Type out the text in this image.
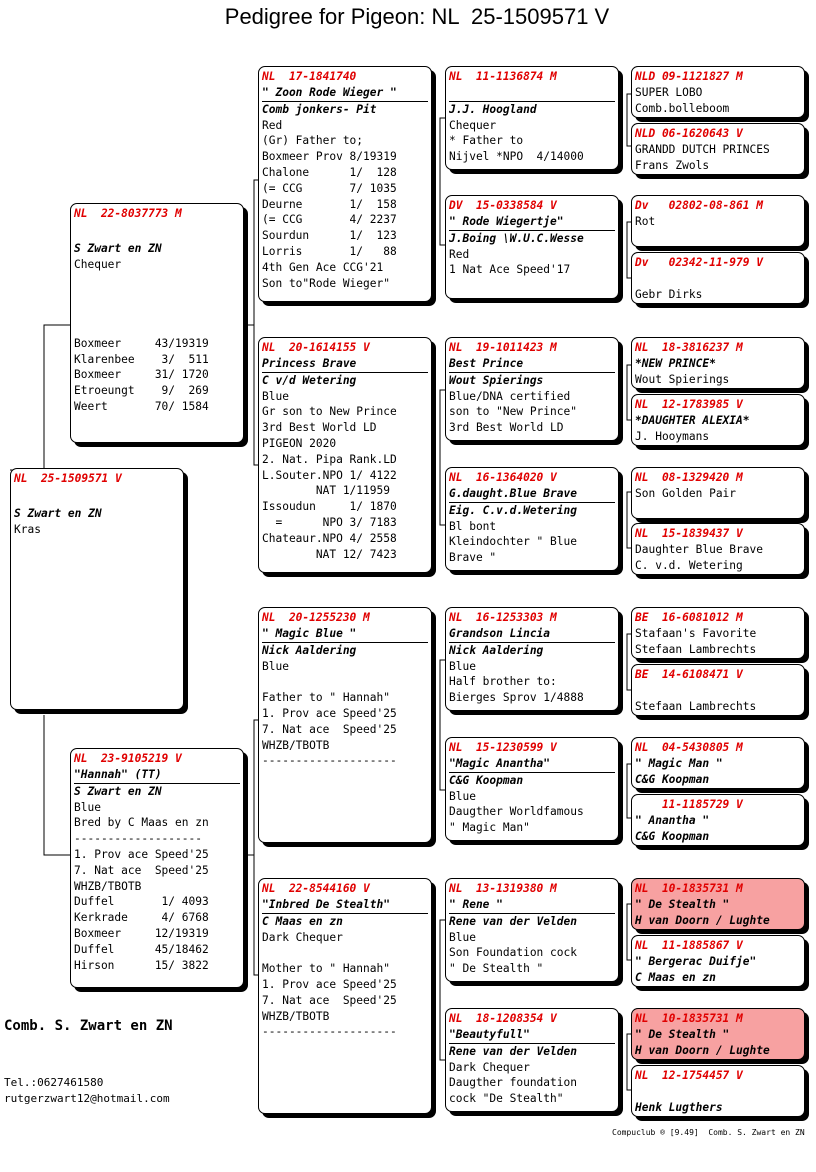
Pedigree for Pigeon: NL  25-1509571 V
NL  25-1509571 V
S Zwart en ZN
Kras
NL  22-8037773 M
S Zwart en ZN
Chequer
Boxmeer     43/19319
Klarenbee    3/  511
Boxmeer     31/ 1720
Etroeungt    9/  269
Weert       70/ 1584
NL  23-9105219 V
"Hannah" (TT)
S Zwart en ZN
Blue
Bred by C Maas en zn
-------------------
1. Prov ace Speed'25
7. Nat ace  Speed'25
WHZB/TBOTB
Duffel       1/ 4093
Kerkrade     4/ 6768
Boxmeer     12/19319
Duffel      45/18462
Hirson      15/ 3822
NL  17-1841740
" Zoon Rode Wieger "
Comb jonkers- Pit
Red
(Gr) Father to;
Boxmeer Prov 8/19319
Chalone      1/  128
(= CCG       7/ 1035
Deurne       1/  158
(= CCG       4/ 2237
Sourdun      1/  123
Lorris       1/   88
4th Gen Ace CCG'21
Son to"Rode Wieger"
NL  20-1614155 V
Princess Brave
C v/d Wetering
Blue
Gr son to New Prince
3rd Best World LD
PIGEON 2020
2. Nat. Pipa Rank.LD
L.Souter.NPO 1/ 4122
NAT 1/11959
Issoudun     1/ 1870
=      NPO 3/ 7183
Chateaur.NPO 4/ 2558
NAT 12/ 7423
NL  20-1255230 M
" Magic Blue "
Nick Aaldering
Blue
Father to " Hannah"
1. Prov ace Speed'25
7. Nat ace  Speed'25
WHZB/TBOTB
--------------------
NL  22-8544160 V
"Inbred De Stealth"
C Maas en zn
Dark Chequer
Mother to " Hannah"
1. Prov ace Speed'25
7. Nat ace  Speed'25
WHZB/TBOTB
--------------------
NL  11-1136874 M
J.J. Hoogland
Chequer
* Father to
Nijvel *NPO  4/14000
DV  15-0338584 V
" Rode Wiegertje"
J.Boing \W.U.C.Wesse
Red
1 Nat Ace Speed'17
NL  19-1011423 M
Best Prince
Wout Spierings
Blue/DNA certified
son to "New Prince"
3rd Best World LD
NL  16-1364020 V
G.daught.Blue Brave
Eig. C.v.d.Wetering
Bl bont
Kleindochter " Blue
Brave "
NL  16-1253303 M
Grandson Lincia
Nick Aaldering
Blue
Half brother to:
Bierges Sprov 1/4888
NL  15-1230599 V
"Magic Anantha"
C&G Koopman
Blue
Daugther Worldfamous
" Magic Man"
NL  13-1319380 M
" Rene "
Rene van der Velden
Blue
Son Foundation cock
" De Stealth "
NL  18-1208354 V
"Beautyfull"
Rene van der Velden
Dark Chequer
Daugther foundation
cock "De Stealth"
NLD 09-1121827 M
SUPER LOBO
Comb.bolleboom
NLD 06-1620643 V
GRANDD DUTCH PRINCES
Frans Zwols
Dv   02802-08-861 M
Rot
Dv   02342-11-979 V
Gebr Dirks
NL  18-3816237 M
*NEW PRINCE*
Wout Spierings
NL  12-1783985 V
*DAUGHTER ALEXIA*
J. Hooymans
NL  08-1329420 M
Son Golden Pair
NL  15-1839437 V
Daughter Blue Brave
C. v.d. Wetering
BE  16-6081012 M
Stafaan's Favorite
Stefaan Lambrechts
BE  14-6108471 V
Stefaan Lambrechts
NL  04-5430805 M
" Magic Man "
C&G Koopman
11-1185729 V
" Anantha "
C&G Koopman
NL  10-1835731 M
" De Stealth "
H van Doorn / Lughte
NL  11-1885867 V
" Bergerac Duifje"
C Maas en zn
NL  10-1835731 M
" De Stealth "
H van Doorn / Lughte
NL  12-1754457 V
Henk Lugthers
Comb. S. Zwart en ZN
Tel.:0627461580
rutgerzwart12@hotmail.com
Compuclub ® [9.49]  Comb. S. Zwart en ZN
